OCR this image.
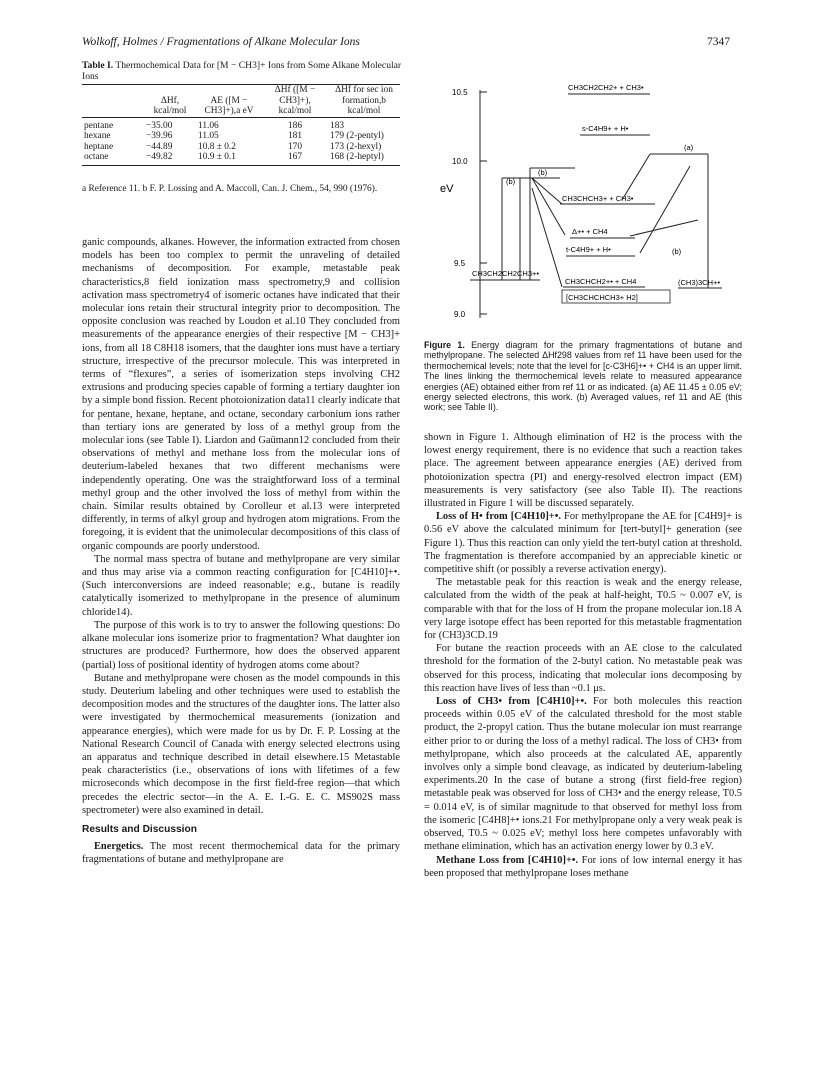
Wolkoff, Holmes / Fragmentations of Alkane Molecular Ions	7347
Table I. Thermochemical Data for [M − CH3]+ Ions from Some Alkane Molecular Ions
	ΔHf, kcal/mol	AE ([M − CH3]+),a eV	ΔHf ([M − CH3]+), kcal/mol	ΔHf for sec ion formation,b kcal/mol
pentane	−35.00	11.06	186	183
hexane	−39.96	11.05	181	179 (2-pentyl)
heptane	−44.89	10.8 ± 0.2	170	173 (2-hexyl)
octane	−49.82	10.9 ± 0.1	167	168 (2-heptyl)
a Reference 11. b F. P. Lossing and A. Maccoll, Can. J. Chem., 54, 990 (1976).
10.5
10.0
9.5
9.0
eV
CH3CH2CH2+ + CH3•
s-C4H9+ + H•
CH3CHCH3+ + CH3•
Δ+• + CH4
t-C4H9+ + H•
CH3CH2CH2CH3+•
CH3CHCH2+• + CH4
[CH3CHCHCH3+ H2]
(CH3)3CH+•
(a)
(b)
(b)
(b)
Figure 1. Energy diagram for the primary fragmentations of butane and methylpropane. The selected ΔHf298 values from ref 11 have been used for the thermochemical levels; note that the level for [c-C3H6]+• + CH4 is an upper limit. The lines linking the thermochemical levels relate to measured appearance energies (AE) obtained either from ref 11 or as indicated. (a) AE 11.45 ± 0.05 eV; energy selected electrons, this work. (b) Averaged values, ref 11 and AE (this work; see Table II).

ganic compounds, alkanes. However, the information extracted from chosen models has been too complex to permit the unraveling of detailed mechanisms of decomposition. For example, metastable peak characteristics,8 field ionization mass spectrometry,9 and collision activation mass spectrometry4 of isomeric octanes have indicated that their molecular ions retain their structural integrity prior to decomposition. The opposite conclusion was reached by Loudon et al.10 They concluded from measurements of the appearance energies of their respective [M − CH3]+ ions, from all 18 C8H18 isomers, that the daughter ions must have a tertiary structure, irrespective of the precursor molecule. This was interpreted in terms of “flexures”, a series of isomerization steps involving CH2 extrusions and producing species capable of forming a tertiary daughter ion by a simple bond fission. Recent photoionization data11 clearly indicate that for pentane, hexane, heptane, and octane, secondary carbonium ions rather than tertiary ions are generated by loss of a methyl group from the molecular ions (see Table I). Liardon and Gaümann12 concluded from their observations of methyl and methane loss from the molecular ions of deuterium-labeled hexanes that two different mechanisms were independently operating. One was the straightforward loss of a terminal methyl group and the other involved the loss of methyl from within the chain. Similar results obtained by Corolleur et al.13 were interpreted differently, in terms of alkyl group and hydrogen atom migrations. From the foregoing, it is evident that the unimolecular decompositions of this class of organic compounds are poorly understood.

The normal mass spectra of butane and methylpropane are very similar and thus may arise via a common reacting configuration for [C4H10]+•. (Such interconversions are indeed reasonable; e.g., butane is readily catalytically isomerized to methylpropane in the presence of aluminum chloride14).

The purpose of this work is to try to answer the following questions: Do alkane molecular ions isomerize prior to fragmentation? What daughter ion structures are produced? Furthermore, how does the observed apparent (partial) loss of positional identity of hydrogen atoms come about?

Butane and methylpropane were chosen as the model compounds in this study. Deuterium labeling and other techniques were used to establish the decomposition modes and the structures of the daughter ions. The latter also were investigated by thermochemical measurements (ionization and appearance energies), which were made for us by Dr. F. P. Lossing at the National Research Council of Canada with energy selected electrons using an apparatus and technique described in detail elsewhere.15 Metastable peak characteristics (i.e., observations of ions with lifetimes of a few microseconds which decompose in the first field-free region—that which precedes the electric sector—in the A. E. I.-G. E. C. MS902S mass spectrometer) were also examined in detail.

Results and Discussion

Energetics. The most recent thermochemical data for the primary fragmentations of butane and methylpropane are

shown in Figure 1. Although elimination of H2 is the process with the lowest energy requirement, there is no evidence that such a reaction takes place. The agreement between appearance energies (AE) derived from photoionization spectra (PI) and energy-resolved electron impact (EM) measurements is very satisfactory (see also Table II). The reactions illustrated in Figure 1 will be discussed separately.

Loss of H• from [C4H10]+•. For methylpropane the AE for [C4H9]+ is 0.56 eV above the calculated minimum for [tert-butyl]+ generation (see Figure 1). Thus this reaction can only yield the tert-butyl cation at threshold. The fragmentation is therefore accompanied by an appreciable kinetic or competitive shift (or possibly a reverse activation energy).

The metastable peak for this reaction is weak and the energy release, calculated from the width of the peak at half-height, T0.5 ~ 0.007 eV, is comparable with that for the loss of H from the propane molecular ion.18 A very large isotope effect has been reported for this metastable fragmentation for (CH3)3CD.19

For butane the reaction proceeds with an AE close to the calculated threshold for the formation of the 2-butyl cation. No metastable peak was observed for this process, indicating that molecular ions decomposing by this reaction have lives of less than ~0.1 μs.

Loss of CH3• from [C4H10]+•. For both molecules this reaction proceeds within 0.05 eV of the calculated threshold for the most stable product, the 2-propyl cation. Thus the butane molecular ion must rearrange either prior to or during the loss of a methyl radical. The loss of CH3• from methylpropane, which also proceeds at the calculated AE, apparently involves only a simple bond cleavage, as indicated by deuterium-labeling experiments.20 In the case of butane a strong (first field-free region) metastable peak was observed for loss of CH3• and the energy release, T0.5 = 0.014 eV, is of similar magnitude to that observed for methyl loss from the isomeric [C4H8]+• ions.21 For methylpropane only a very weak peak is observed, T0.5 ~ 0.025 eV; methyl loss here competes unfavorably with methane elimination, which has an activation energy lower by 0.3 eV.

Methane Loss from [C4H10]+•. For ions of low internal energy it has been proposed that methylpropane loses methane
